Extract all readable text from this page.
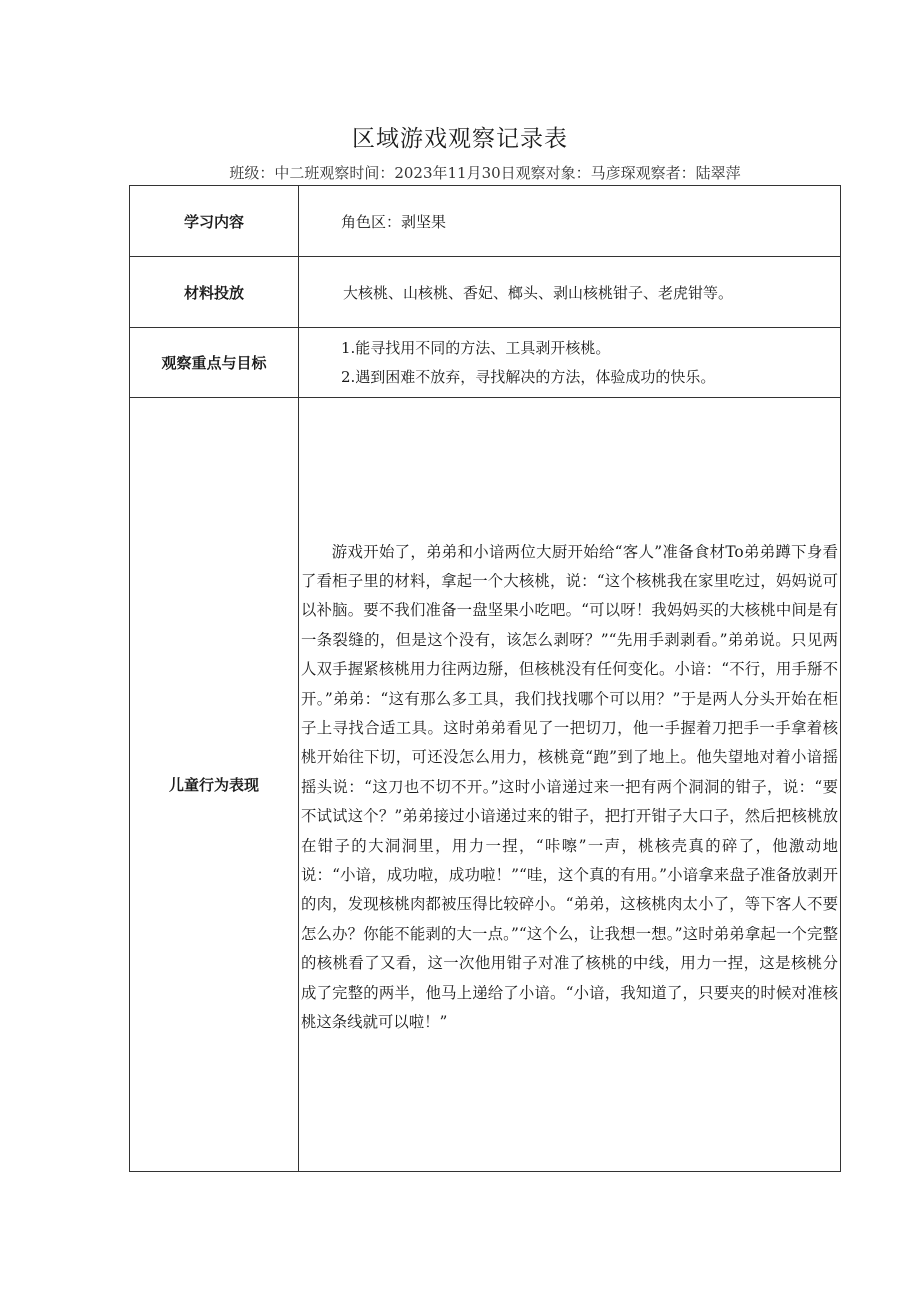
区域游戏观察记录表
班级：中二班观察时间：2023年11月30日观察对象：马彦琛观察者：陆翠萍
学习内容	角色区：剥坚果
材料投放	大核桃、山核桃、香妃、榔头、剥山核桃钳子、老虎钳等。
观察重点与目标	1.能寻找用不同的方法、工具剥开核桃。
2.遇到困难不放弃，寻找解决的方法，体验成功的快乐。

儿童行为表现	游戏开始了，弟弟和小谙两位大厨开始给“客人”准备食材To弟弟蹲下身看了看柜子里的材料，拿起一个大核桃，说：“这个核桃我在家里吃过，妈妈说可以补脑。要不我们准备一盘坚果小吃吧。“可以呀！我妈妈买的大核桃中间是有一条裂缝的，但是这个没有，该怎么剥呀？”“先用手剥剥看。”弟弟说。只见两人双手握紧核桃用力往两边掰，但核桃没有任何变化。小谙：“不行，用手掰不开。”弟弟：“这有那么多工具，我们找找哪个可以用？”于是两人分头开始在柜子上寻找合适工具。这时弟弟看见了一把切刀，他一手握着刀把手一手拿着核桃开始往下切，可还没怎么用力，核桃竟“跑”到了地上。他失望地对着小谙摇摇头说：“这刀也不切不开。”这时小谙递过来一把有两个洞洞的钳子，说：“要不试试这个？”弟弟接过小谙递过来的钳子，把打开钳子大口子，然后把核桃放在钳子的大洞洞里，用力一捏，“咔嚓”一声，桃核壳真的碎了，他激动地说：“小谙，成功啦，成功啦！”“哇，这个真的有用。”小谙拿来盘子准备放剥开的肉，发现核桃肉都被压得比较碎小。“弟弟，这核桃肉太小了，等下客人不要怎么办？你能不能剥的大一点。”“这个么，让我想一想。”这时弟弟拿起一个完整的核桃看了又看，这一次他用钳子对准了核桃的中线，用力一捏，这是核桃分成了完整的两半，他马上递给了小谙。“小谙，我知道了，只要夹的时候对准核桃这条线就可以啦！”
